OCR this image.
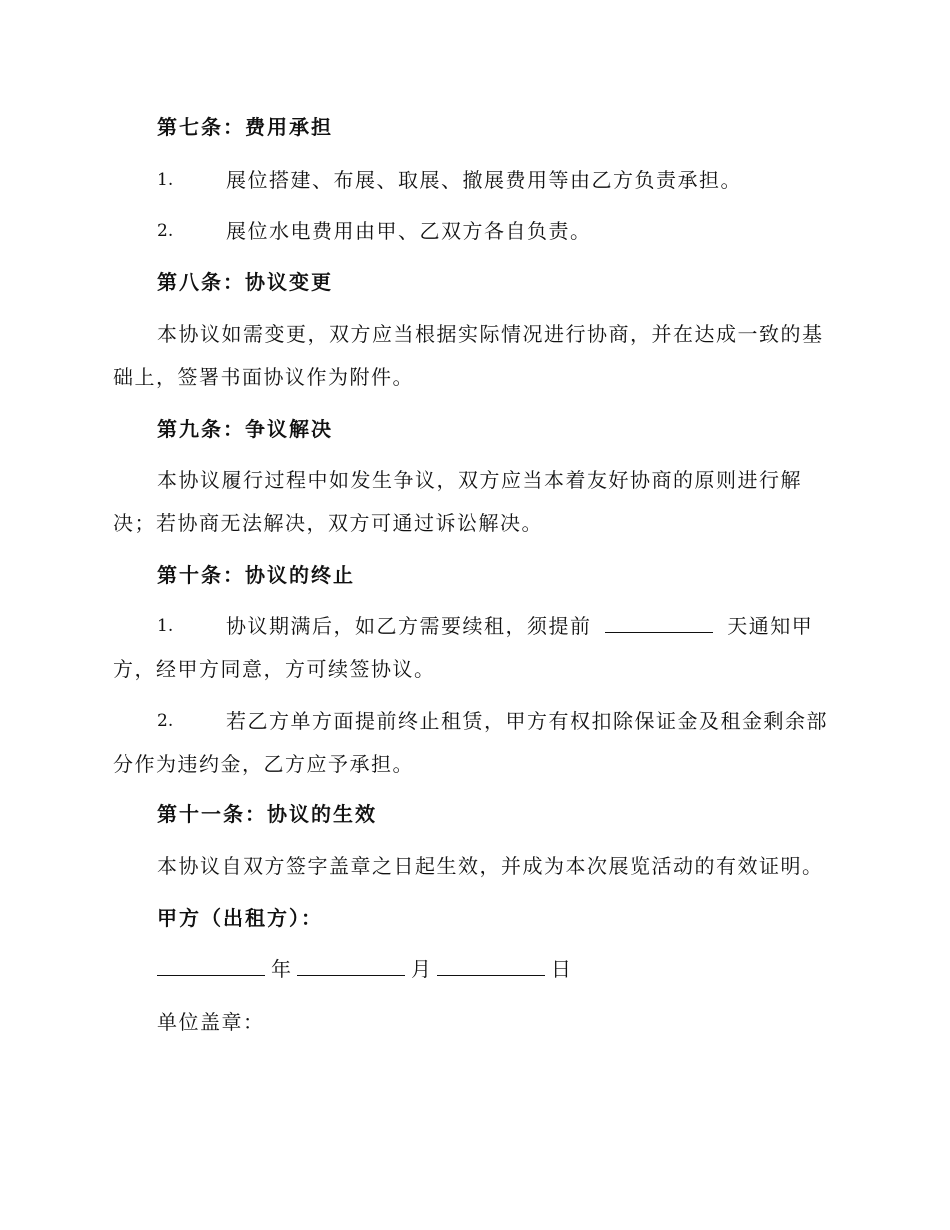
第七条：费用承担
1.	展位搭建、布展、取展、撤展费用等由乙方负责承担。
2.	展位水电费用由甲、乙双方各自负责。
第八条：协议变更
本协议如需变更，双方应当根据实际情况进行协商，并在达成一致的基
础上，签署书面协议作为附件。
第九条：争议解决
本协议履行过程中如发生争议，双方应当本着友好协商的原则进行解
决；若协商无法解决，双方可通过诉讼解决。
第十条：协议的终止
1.	协议期满后，如乙方需要续租，须提前	天通知甲
方，经甲方同意，方可续签协议。
2.	若乙方单方面提前终止租赁，甲方有权扣除保证金及租金剩余部
分作为违约金，乙方应予承担。
第十一条：协议的生效
本协议自双方签字盖章之日起生效，并成为本次展览活动的有效证明。
甲方（出租方）：
年	月	日
单位盖章：
